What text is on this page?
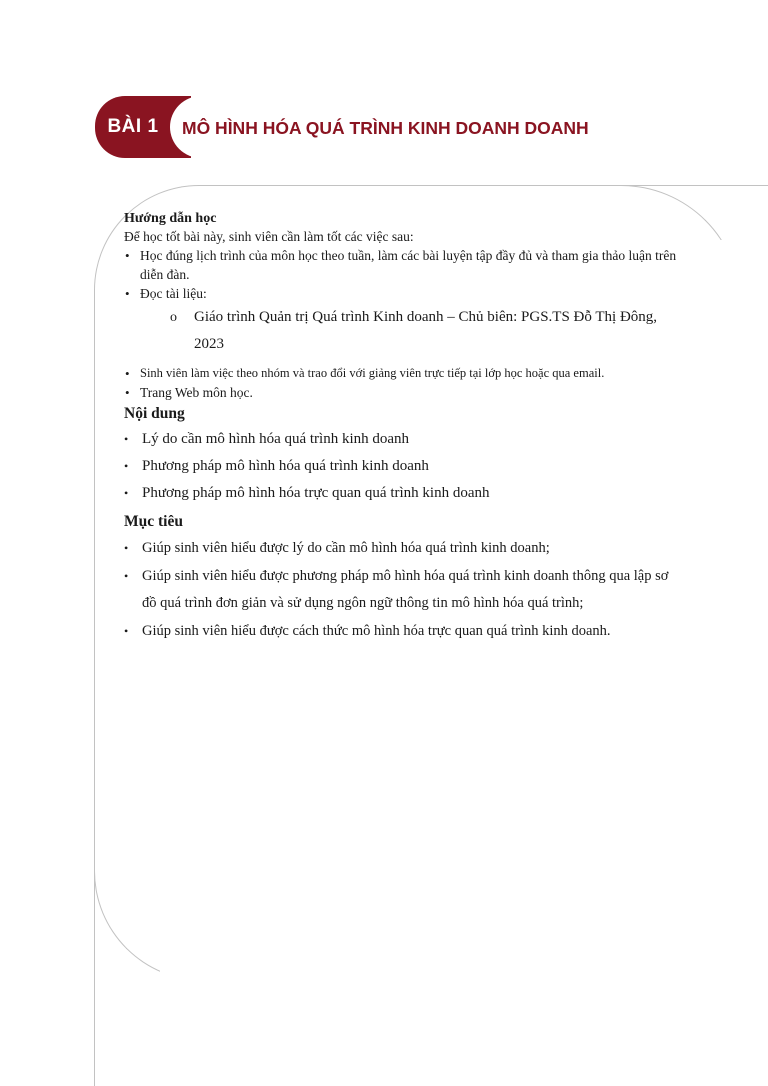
BÀI 1	MÔ HÌNH HÓA QUÁ TRÌNH KINH DOANH DOANH

Hướng dẫn học

Để học tốt bài này, sinh viên cần làm tốt các việc sau:

• Học đúng lịch trình của môn học theo tuần, làm các bài luyện tập đầy đủ và tham gia thảo luận trên diễn đàn.
• Đọc tài liệu:
o Giáo trình Quản trị Quá trình Kinh doanh – Chủ biên: PGS.TS Đỗ Thị Đông, 2023
• Sinh viên làm việc theo nhóm và trao đổi với giảng viên trực tiếp tại lớp học hoặc qua email.
• Trang Web môn học.

Nội dung

• Lý do cần mô hình hóa quá trình kinh doanh
• Phương pháp mô hình hóa quá trình kinh doanh
• Phương pháp mô hình hóa trực quan quá trình kinh doanh

Mục tiêu

• Giúp sinh viên hiểu được lý do cần mô hình hóa quá trình kinh doanh;
• Giúp sinh viên hiểu được phương pháp mô hình hóa quá trình kinh doanh thông qua lập sơ đồ quá trình đơn giản và sử dụng ngôn ngữ thông tin mô hình hóa quá trình;
• Giúp sinh viên hiểu được cách thức mô hình hóa trực quan quá trình kinh doanh.
